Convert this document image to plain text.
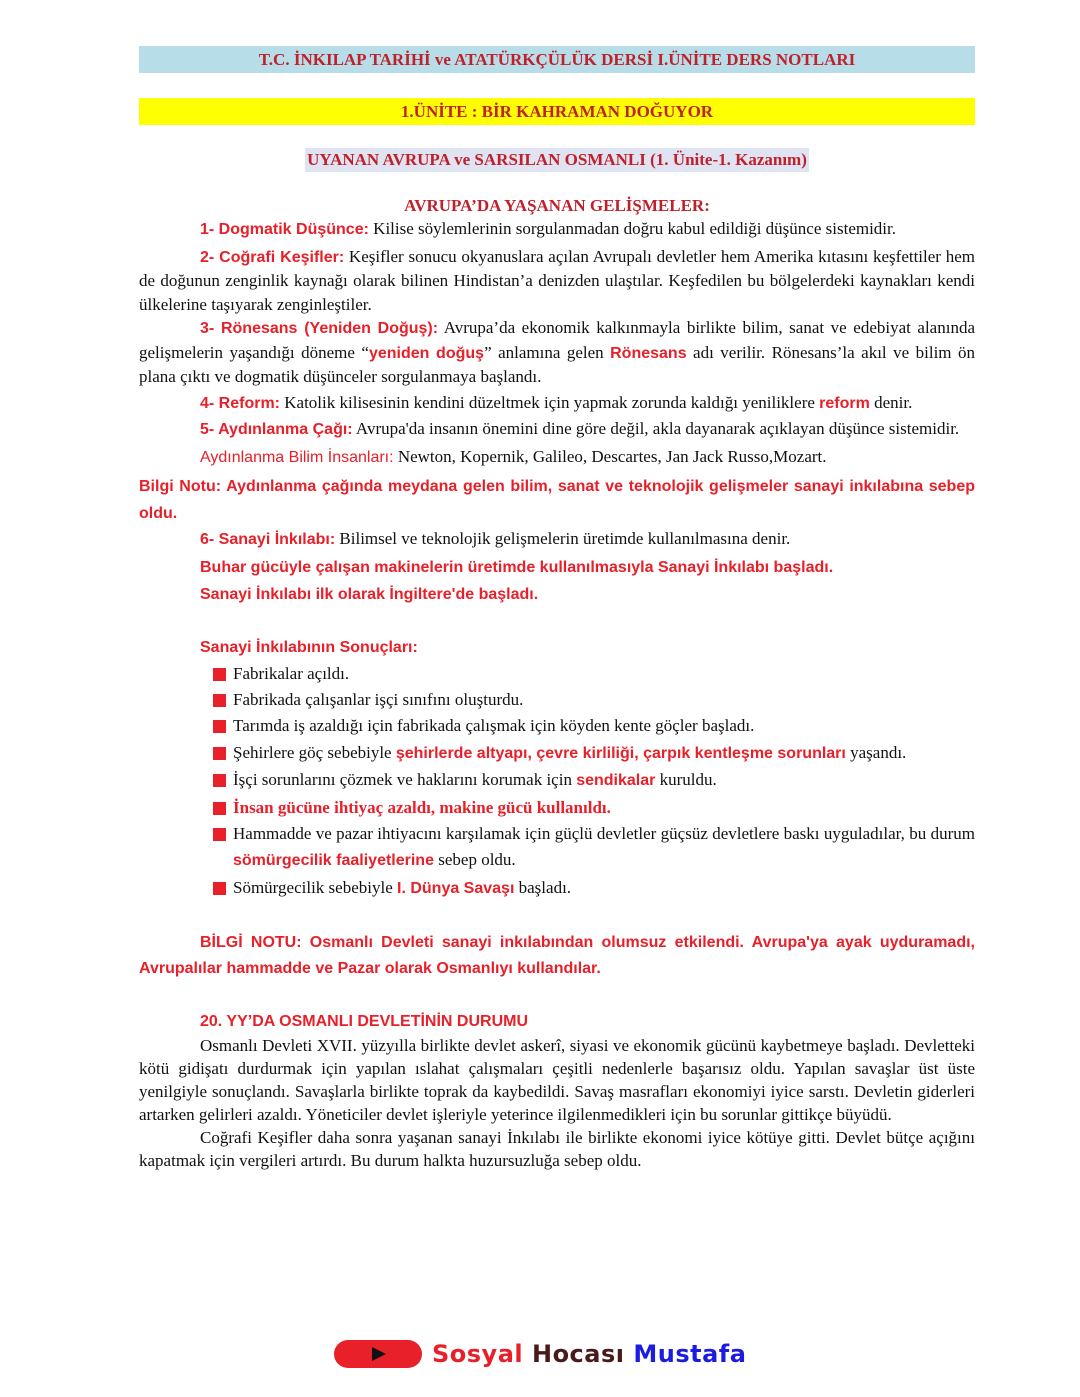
T.C. İNKILAP TARİHİ ve ATATÜRKÇÜLÜK DERSİ I.ÜNİTE DERS NOTLARI
1.ÜNİTE : BİR KAHRAMAN DOĞUYOR
UYANAN AVRUPA ve SARSILAN OSMANLI (1. Ünite-1. Kazanım)
AVRUPA’DA YAŞANAN GELİŞMELER:

1- Dogmatik Düşünce: Kilise söylemlerinin sorgulanmadan doğru kabul edildiği düşünce sistemidir.

2- Coğrafi Keşifler: Keşifler sonucu okyanuslara açılan Avrupalı devletler hem Amerika kıtasını keşfettiler hem de doğunun zenginlik kaynağı olarak bilinen Hindistan’a denizden ulaştılar. Keşfedilen bu bölgelerdeki kaynakları kendi ülkelerine taşıyarak zenginleştiler.

3- Rönesans (Yeniden Doğuş): Avrupa’da ekonomik kalkınmayla birlikte bilim, sanat ve edebiyat alanında gelişmelerin yaşandığı döneme “yeniden doğuş” anlamına gelen Rönesans adı verilir. Rönesans’la akıl ve bilim ön plana çıktı ve dogmatik düşünceler sorgulanmaya başlandı.

4- Reform: Katolik kilisesinin kendini düzeltmek için yapmak zorunda kaldığı yeniliklere reform denir.

5- Aydınlanma Çağı: Avrupa'da insanın önemini dine göre değil, akla dayanarak açıklayan düşünce sistemidir.

Aydınlanma Bilim İnsanları: Newton, Kopernik, Galileo, Descartes, Jan Jack Russo,Mozart.

Bilgi Notu: Aydınlanma çağında meydana gelen bilim, sanat ve teknolojik gelişmeler sanayi inkılabına sebep oldu.

6- Sanayi İnkılabı: Bilimsel ve teknolojik gelişmelerin üretimde kullanılmasına denir.

Buhar gücüyle çalışan makinelerin üretimde kullanılmasıyla Sanayi İnkılabı başladı.

Sanayi İnkılabı ilk olarak İngiltere'de başladı.

Sanayi İnkılabının Sonuçları:

Fabrikalar açıldı.
Fabrikada çalışanlar işçi sınıfını oluşturdu.
Tarımda iş azaldığı için fabrikada çalışmak için köyden kente göçler başladı.
Şehirlere göç sebebiyle şehirlerde altyapı, çevre kirliliği, çarpık kentleşme sorunları yaşandı.
İşçi sorunlarını çözmek ve haklarını korumak için sendikalar kuruldu.
İnsan gücüne ihtiyaç azaldı, makine gücü kullanıldı.
Hammadde ve pazar ihtiyacını karşılamak için güçlü devletler güçsüz devletlere baskı uyguladılar, bu durum sömürgecilik faaliyetlerine sebep oldu.
Sömürgecilik sebebiyle I. Dünya Savaşı başladı.

BİLGİ NOTU: Osmanlı Devleti sanayi inkılabından olumsuz etkilendi. Avrupa'ya ayak uyduramadı, Avrupalılar hammadde ve Pazar olarak Osmanlıyı kullandılar.

20. YY’DA OSMANLI DEVLETİNİN DURUMU

Osmanlı Devleti XVII. yüzyılla birlikte devlet askerî, siyasi ve ekonomik gücünü kaybetmeye başladı. Devletteki kötü gidişatı durdurmak için yapılan ıslahat çalışmaları çeşitli nedenlerle başarısız oldu. Yapılan savaşlar üst üste yenilgiyle sonuçlandı. Savaşlarla birlikte toprak da kaybedildi. Savaş masrafları ekonomiyi iyice sarstı. Devletin giderleri artarken gelirleri azaldı. Yöneticiler devlet işleriyle yeterince ilgilenmedikleri için bu sorunlar gittikçe büyüdü.

Coğrafi Keşifler daha sonra yaşanan sanayi İnkılabı ile birlikte ekonomi iyice kötüye gitti. Devlet bütçe açığını kapatmak için vergileri artırdı. Bu durum halkta huzursuzluğa sebep oldu.

Sosyal Hocası Mustafa
